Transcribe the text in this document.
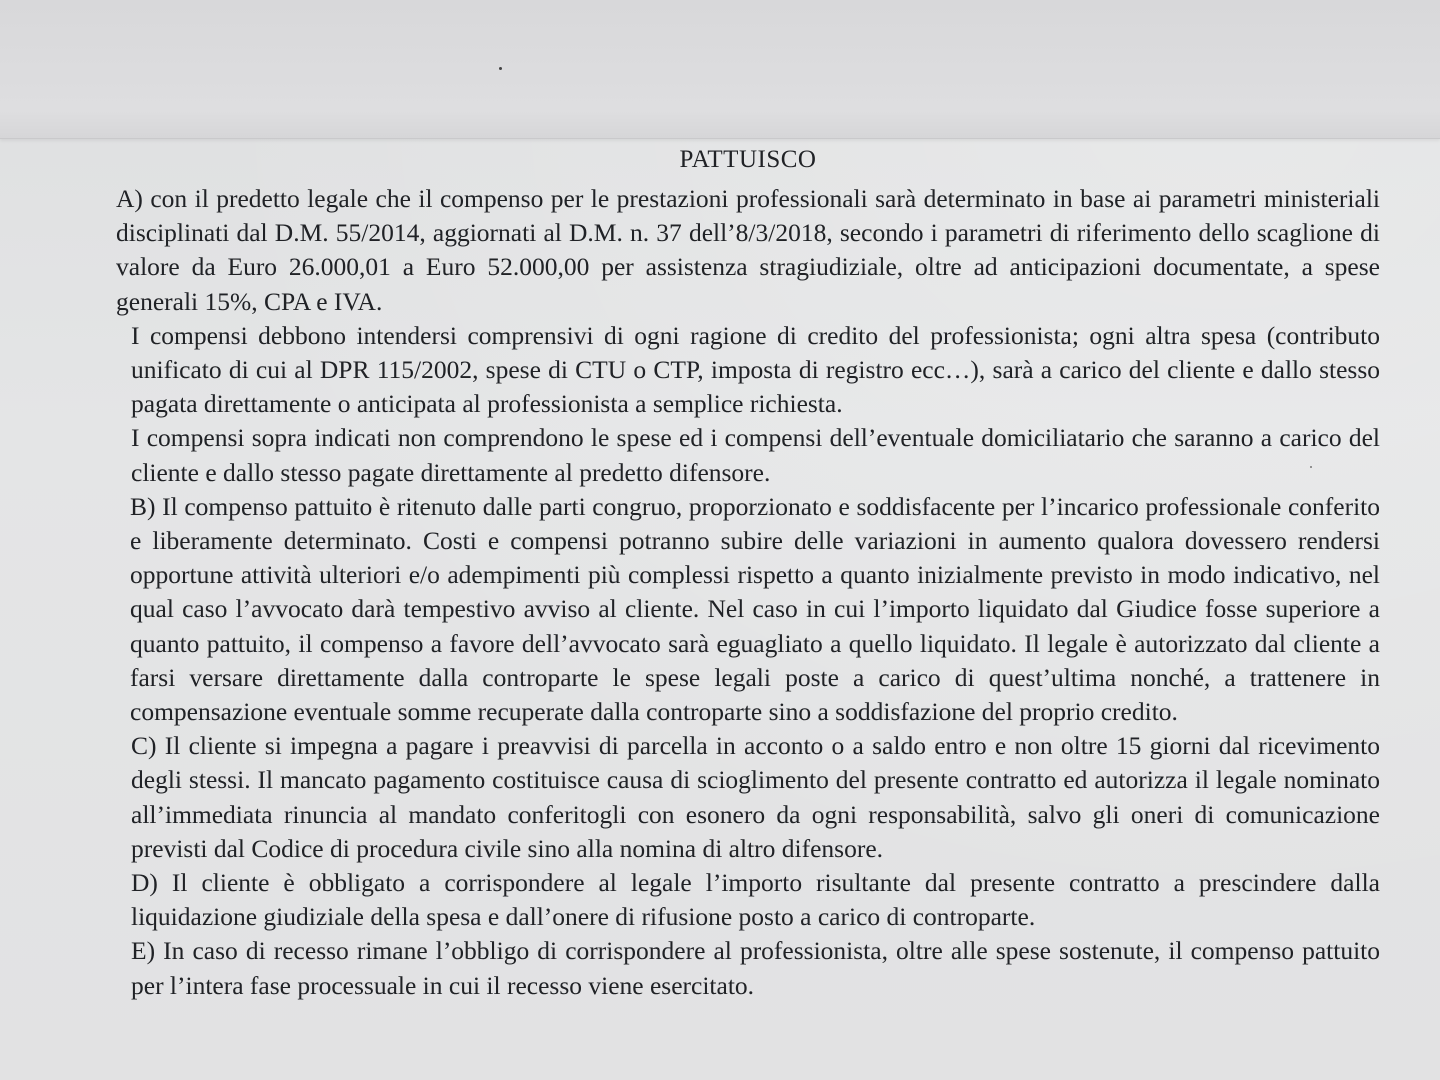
PATTUISCO

A) con il predetto legale che il compenso per le prestazioni professionali sarà determinato in base ai parametri ministeriali disciplinati dal D.M. 55/2014, aggiornati al D.M. n. 37 dell’8/3/2018, secondo i parametri di riferimento dello scaglione di valore da Euro 26.000,01 a Euro 52.000,00 per assistenza stragiudiziale, oltre ad anticipazioni documentate, a spese generali 15%, CPA e IVA.

I compensi debbono intendersi comprensivi di ogni ragione di credito del professionista; ogni altra spesa (contributo unificato di cui al DPR 115/2002, spese di CTU o CTP, imposta di registro ecc…), sarà a carico del cliente e dallo stesso pagata direttamente o anticipata al professionista a semplice richiesta.

I compensi sopra indicati non comprendono le spese ed i compensi dell’eventuale domiciliatario che saranno a carico del cliente e dallo stesso pagate direttamente al predetto difensore.

B) Il compenso pattuito è ritenuto dalle parti congruo, proporzionato e soddisfacente per l’incarico professionale conferito e liberamente determinato. Costi e compensi potranno subire delle variazioni in aumento qualora dovessero rendersi opportune attività ulteriori e/o adempimenti più complessi rispetto a quanto inizialmente previsto in modo indicativo, nel qual caso l’avvocato darà tempestivo avviso al cliente. Nel caso in cui l’importo liquidato dal Giudice fosse superiore a quanto pattuito, il compenso a favore dell’avvocato sarà eguagliato a quello liquidato. Il legale è autorizzato dal cliente a farsi versare direttamente dalla controparte le spese legali poste a carico di quest’ultima nonché, a trattenere in compensazione eventuale somme recuperate dalla controparte sino a soddisfazione del proprio credito.

C) Il cliente si impegna a pagare i preavvisi di parcella in acconto o a saldo entro e non oltre 15 giorni dal ricevimento degli stessi. Il mancato pagamento costituisce causa di scioglimento del presente contratto ed autorizza il legale nominato all’immediata rinuncia al mandato conferitogli con esonero da ogni responsabilità, salvo gli oneri di comunicazione previsti dal Codice di procedura civile sino alla nomina di altro difensore.

D) Il cliente è obbligato a corrispondere al legale l’importo risultante dal presente contratto a prescindere dalla liquidazione giudiziale della spesa e dall’onere di rifusione posto a carico di controparte.

E) In caso di recesso rimane l’obbligo di corrispondere al professionista, oltre alle spese sostenute, il compenso pattuito per l’intera fase processuale in cui il recesso viene esercitato.
